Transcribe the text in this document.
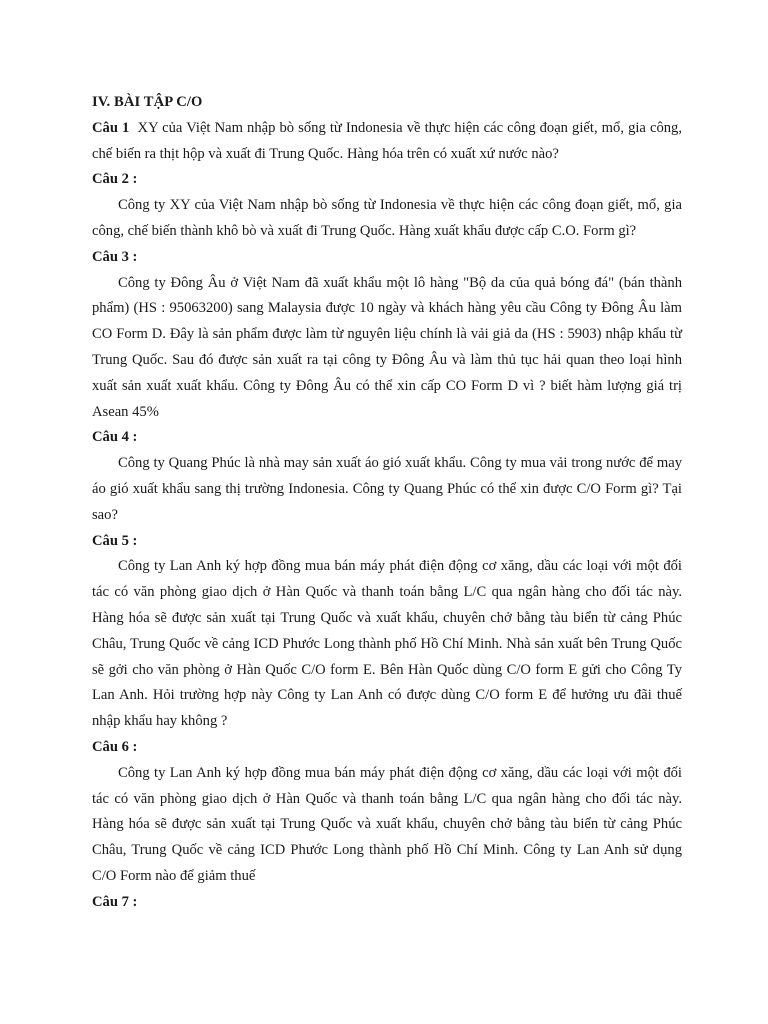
IV. BÀI TẬP C/O

Câu 1 XY của Việt Nam nhập bò sống từ Indonesia về thực hiện các công đoạn giết, mổ, gia công, chế biến ra thịt hộp và xuất đi Trung Quốc. Hàng hóa trên có xuất xứ nước nào?

Câu 2 :

Công ty XY của Việt Nam nhập bò sống từ Indonesia về thực hiện các công đoạn giết, mổ, gia công, chế biến thành khô bò và xuất đi Trung Quốc. Hàng xuất khẩu được cấp C.O. Form gì?

Câu 3 :

Công ty Đông Âu ở Việt Nam đã xuất khẩu một lô hàng "Bộ da của quả bóng đá" (bán thành phẩm) (HS : 95063200) sang Malaysia được 10 ngày và khách hàng yêu cầu Công ty Đông Âu làm CO Form D. Đây là sản phẩm được làm từ nguyên liệu chính là vải giả da (HS : 5903) nhập khẩu từ Trung Quốc. Sau đó được sản xuất ra tại công ty Đông Âu và làm thủ tục hải quan theo loại hình xuất sản xuất xuất khẩu. Công ty Đông Âu có thể xin cấp CO Form D vì ? biết hàm lượng giá trị Asean 45%

Câu 4 :

Công ty Quang Phúc là nhà may sản xuất áo gió xuất khẩu. Công ty mua vải trong nước để may áo gió xuất khẩu sang thị trường Indonesia. Công ty Quang Phúc có thể xin được C/O Form gì? Tại sao?

Câu 5 :

Công ty Lan Anh ký hợp đồng mua bán máy phát điện động cơ xăng, dầu các loại với một đối tác có văn phòng giao dịch ở Hàn Quốc và thanh toán bằng L/C qua ngân hàng cho đối tác này. Hàng hóa sẽ được sản xuất tại Trung Quốc và xuất khẩu, chuyên chở bằng tàu biển từ cảng Phúc Châu, Trung Quốc về cảng ICD Phước Long thành phố Hồ Chí Minh. Nhà sản xuất bên Trung Quốc sẽ gởi cho văn phòng ở Hàn Quốc C/O form E. Bên Hàn Quốc dùng C/O form E gửi cho Công Ty Lan Anh. Hỏi trường hợp này Công ty Lan Anh có được dùng C/O form E để hưởng ưu đãi thuế nhập khẩu hay không ?

Câu 6 :

Công ty Lan Anh ký hợp đồng mua bán máy phát điện động cơ xăng, dầu các loại với một đối tác có văn phòng giao dịch ở Hàn Quốc và thanh toán bằng L/C qua ngân hàng cho đối tác này. Hàng hóa sẽ được sản xuất tại Trung Quốc và xuất khẩu, chuyên chở bằng tàu biển từ cảng Phúc Châu, Trung Quốc về cảng ICD Phước Long thành phố Hồ Chí Minh. Công ty Lan Anh sử dụng C/O Form nào để giảm thuế

Câu 7 :
